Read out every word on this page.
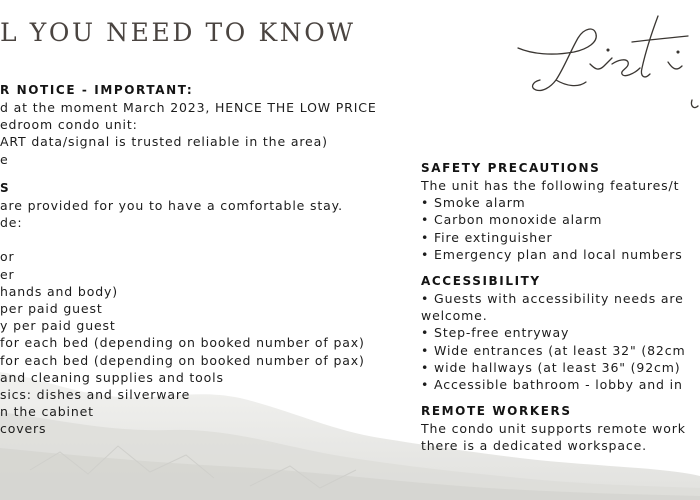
L YOU NEED TO KNOW
R NOTICE - IMPORTANT:
d at the moment March 2023, HENCE THE LOW PRICE
edroom condo unit:
ART data/signal is trusted reliable in the area)
e
S
are provided for you to have a comfortable stay.
de:

or
er
hands and body)
per paid guest
y per paid guest
for each bed (depending on booked number of pax)
for each bed (depending on booked number of pax)
and cleaning supplies and tools
sics: dishes and silverware
n the cabinet
covers
SAFETY PRECAUTIONS
The unit has the following features/t
• Smoke alarm
• Carbon monoxide alarm
• Fire extinguisher
• Emergency plan and local numbers
ACCESSIBILITY
• Guests with accessibility needs are
welcome.
• Step-free entryway
• Wide entrances (at least 32" (82cm
• wide hallways (at least 36" (92cm)
• Accessible bathroom - lobby and in
REMOTE WORKERS
The condo unit supports remote work
there is a dedicated workspace.
